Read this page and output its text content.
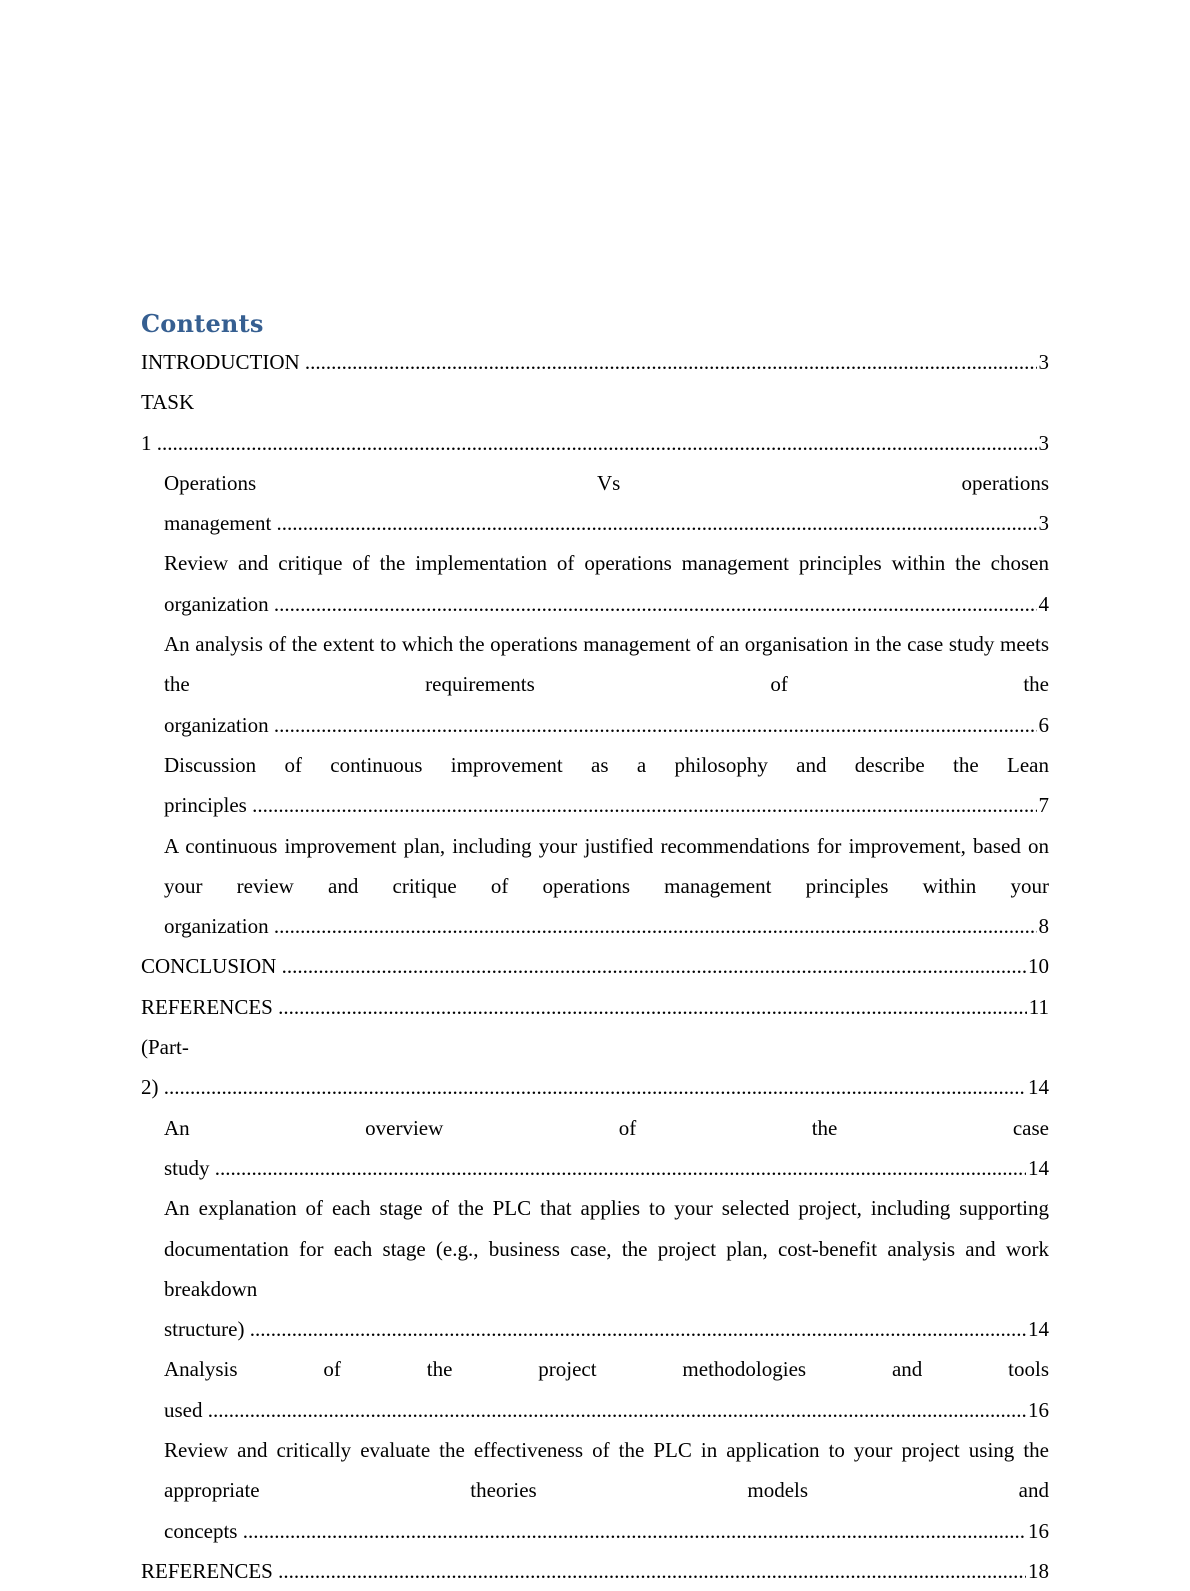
Contents
INTRODUCTION .....	3
TASK 1 .....	3
Operations Vs operations management .....	3
Review and critique of the implementation of operations management principles within the chosen organization .....	4
An analysis of the extent to which the operations management of an organisation in the case study meets the requirements of the organization .....	6
Discussion of continuous improvement as a philosophy and describe the Lean principles .....	7
A continuous improvement plan, including your justified recommendations for improvement, based on your review and critique of operations management principles within your organization .....	8
CONCLUSION .....	10
REFERENCES .....	11
(Part-2) .....	14
An overview of the case study .....	14
An explanation of each stage of the PLC that applies to your selected project, including supporting documentation for each stage (e.g., business case, the project plan, cost-benefit analysis and work breakdown structure) .....	14
Analysis of the project methodologies and tools used .....	16
Review and critically evaluate the effectiveness of the PLC in application to your project using the appropriate theories models and concepts .....	16
REFERENCES .....	18
